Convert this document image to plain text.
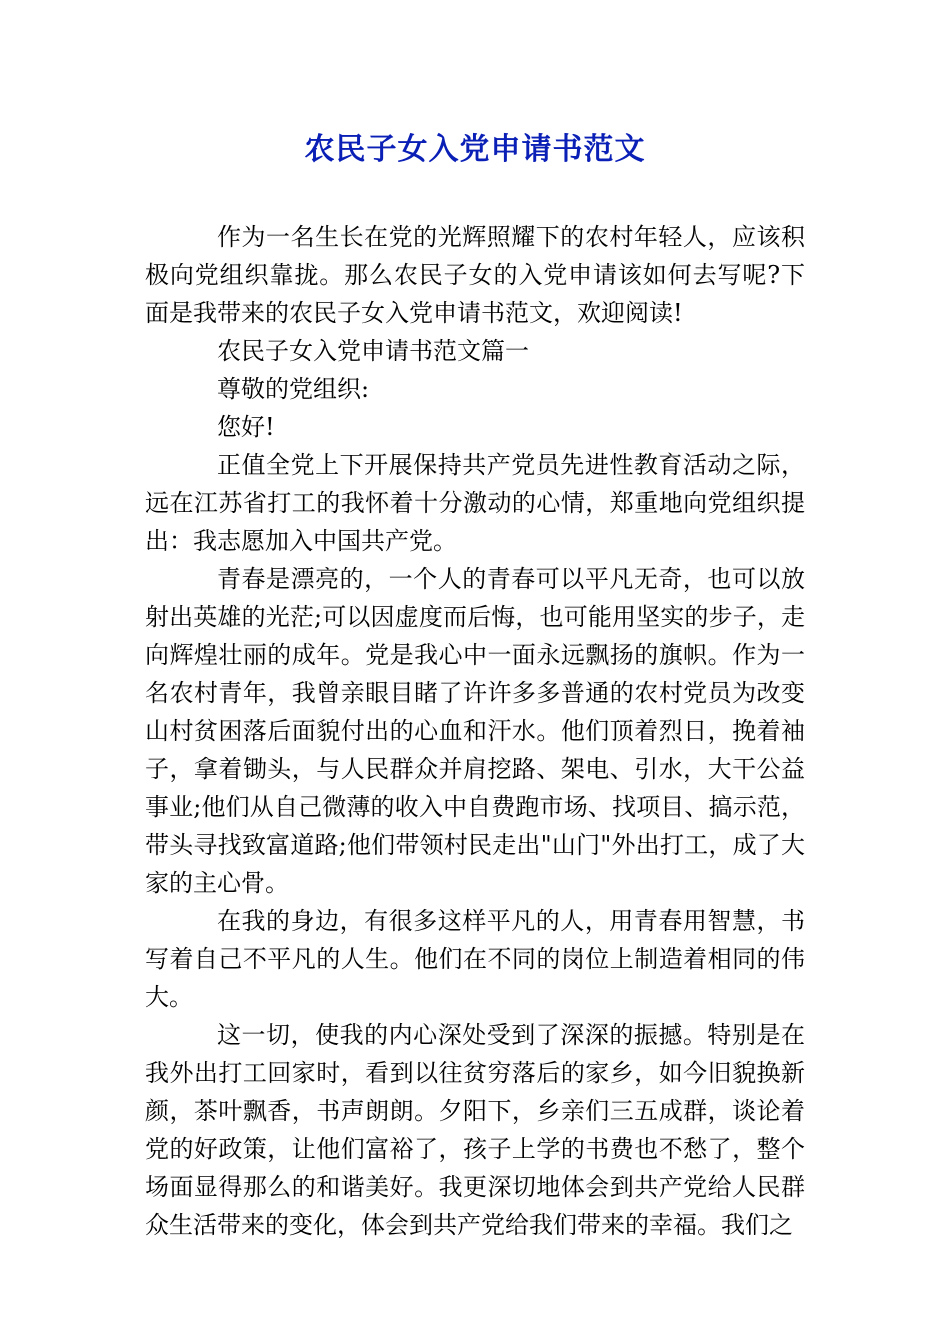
农民子女入党申请书范文

作为一名生长在党的光辉照耀下的农村年轻人，应该积极向党组织靠拢。那么农民子女的入党申请该如何去写呢?下面是我带来的农民子女入党申请书范文，欢迎阅读!

农民子女入党申请书范文篇一

尊敬的党组织:

您好!

正值全党上下开展保持共产党员先进性教育活动之际，远在江苏省打工的我怀着十分激动的心情，郑重地向党组织提出：我志愿加入中国共产党。

青春是漂亮的，一个人的青春可以平凡无奇，也可以放射出英雄的光茫;可以因虚度而后悔，也可能用坚实的步子，走向辉煌壮丽的成年。党是我心中一面永远飘扬的旗帜。作为一名农村青年，我曾亲眼目睹了许许多多普通的农村党员为改变山村贫困落后面貌付出的心血和汗水。他们顶着烈日，挽着袖子，拿着锄头，与人民群众并肩挖路、架电、引水，大干公益事业;他们从自己微薄的收入中自费跑市场、找项目、搞示范，带头寻找致富道路;他们带领村民走出"山门"外出打工，成了大家的主心骨。

在我的身边，有很多这样平凡的人，用青春用智慧，书写着自己不平凡的人生。他们在不同的岗位上制造着相同的伟大。

这一切，使我的内心深处受到了深深的振撼。特别是在我外出打工回家时，看到以往贫穷落后的家乡，如今旧貌换新颜，茶叶飘香，书声朗朗。夕阳下，乡亲们三五成群，谈论着党的好政策，让他们富裕了，孩子上学的书费也不愁了，整个场面显得那么的和谐美好。我更深切地体会到共产党给人民群众生活带来的变化，体会到共产党给我们带来的幸福。我们之
